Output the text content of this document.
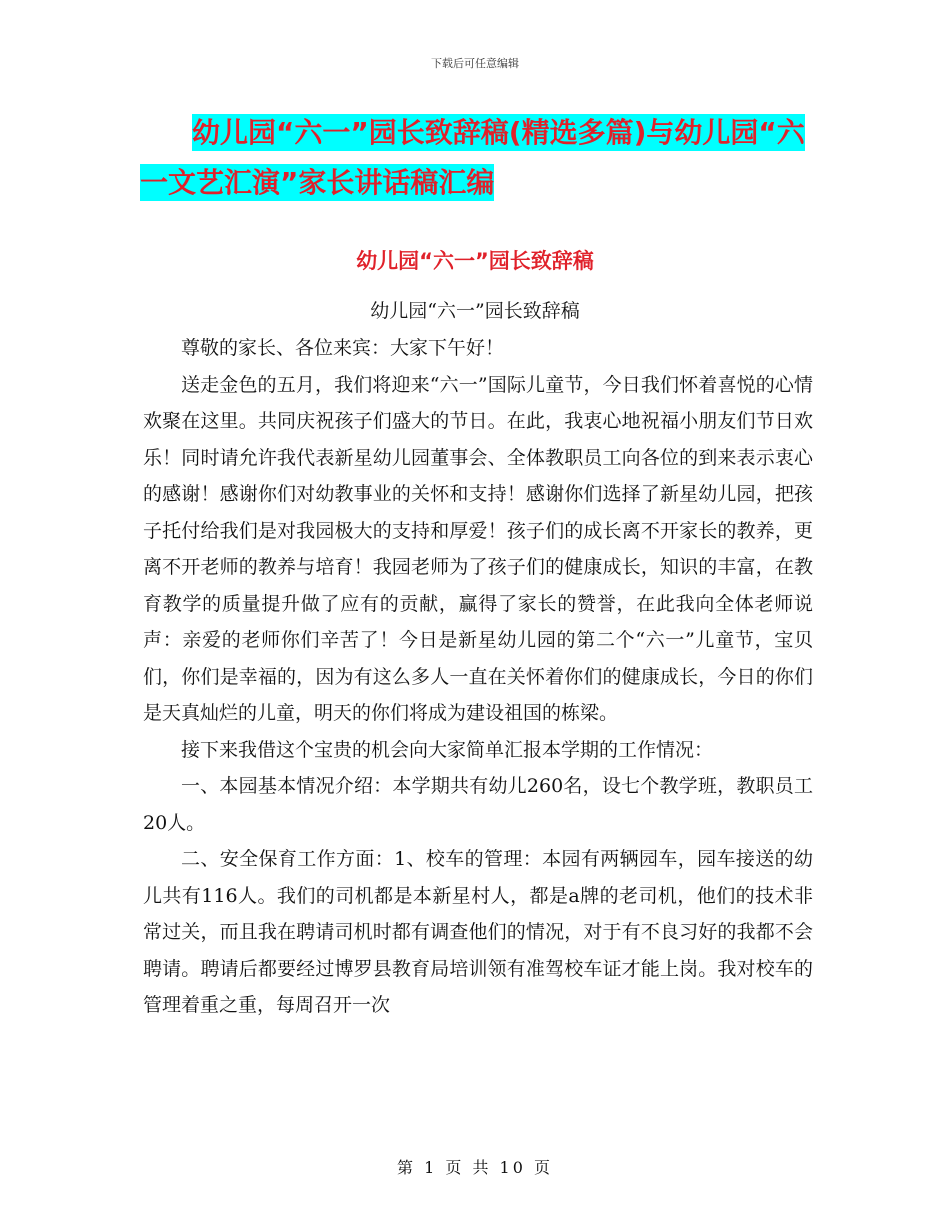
下载后可任意编辑
幼儿园“六一”园长致辞稿(精选多篇)与幼儿园“六
一文艺汇演”家长讲话稿汇编
幼儿园“六一”园长致辞稿
幼儿园“六一”园长致辞稿

尊敬的家长、各位来宾：大家下午好！

送走金色的五月，我们将迎来“六一”国际儿童节，今日我们怀着喜悦的心情欢聚在这里。共同庆祝孩子们盛大的节日。在此，我衷心地祝福小朋友们节日欢乐！同时请允许我代表新星幼儿园董事会、全体教职员工向各位的到来表示衷心的感谢！感谢你们对幼教事业的关怀和支持！感谢你们选择了新星幼儿园，把孩子托付给我们是对我园极大的支持和厚爱！孩子们的成长离不开家长的教养，更离不开老师的教养与培育！我园老师为了孩子们的健康成长，知识的丰富，在教育教学的质量提升做了应有的贡献，赢得了家长的赞誉，在此我向全体老师说声：亲爱的老师你们辛苦了！今日是新星幼儿园的第二个“六一”儿童节，宝贝们，你们是幸福的，因为有这么多人一直在关怀着你们的健康成长，今日的你们是天真灿烂的儿童，明天的你们将成为建设祖国的栋梁。

接下来我借这个宝贵的机会向大家简单汇报本学期的工作情况：

一、本园基本情况介绍：本学期共有幼儿260名，设七个教学班，教职员工20人。

二、安全保育工作方面：1、校车的管理：本园有两辆园车，园车接送的幼儿共有116人。我们的司机都是本新星村人，都是a牌的老司机，他们的技术非常过关，而且我在聘请司机时都有调查他们的情况，对于有不良习好的我都不会聘请。聘请后都要经过博罗县教育局培训领有准驾校车证才能上岗。我对校车的管理着重之重，每周召开一次

第 1 页 共 10 页
